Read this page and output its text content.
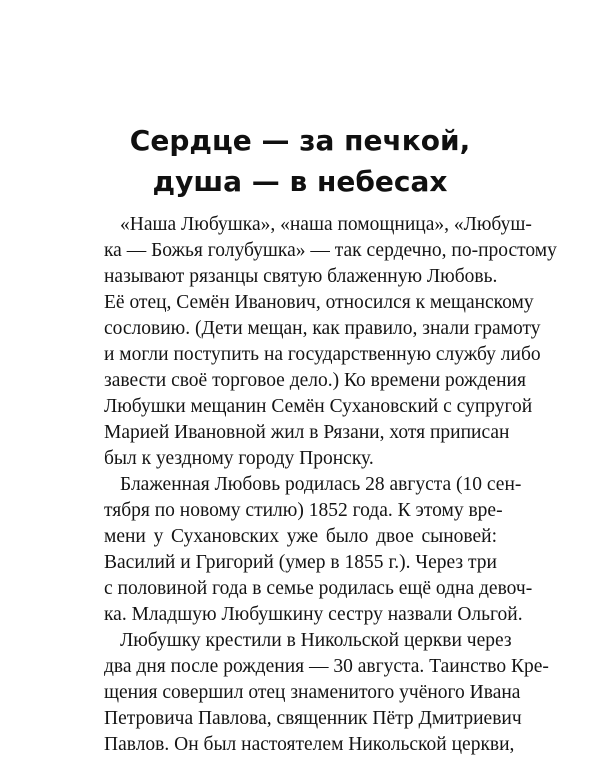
Сердце — за печкой,
душа — в небесах
«Наша Любушка», «наша помощница», «Любуш-
ка — Божья голубушка» — так сердечно, по-простому
называют рязанцы святую блаженную Любовь.
Её отец, Семён Иванович, относился к мещанскому
сословию. (Дети мещан, как правило, знали грамоту
и могли поступить на государственную службу либо
завести своё торговое дело.) Ко времени рождения
Любушки мещанин Семён Сухановский с супругой
Марией Ивановной жил в Рязани, хотя приписан
был к уездному городу Пронску.
Блаженная Любовь родилась 28 августа (10 сен-
тября по новому стилю) 1852 года. К этому вре-
мени у Сухановских уже было двое сыновей:
Василий и Григорий (умер в 1855 г.). Через три
с половиной года в семье родилась ещё одна девоч-
ка. Младшую Любушкину сестру назвали Ольгой.
Любушку крестили в Никольской церкви через
два дня после рождения — 30 августа. Таинство Кре-
щения совершил отец знаменитого учёного Ивана
Петровича Павлова, священник Пётр Дмитриевич
Павлов. Он был настоятелем Никольской церкви,
